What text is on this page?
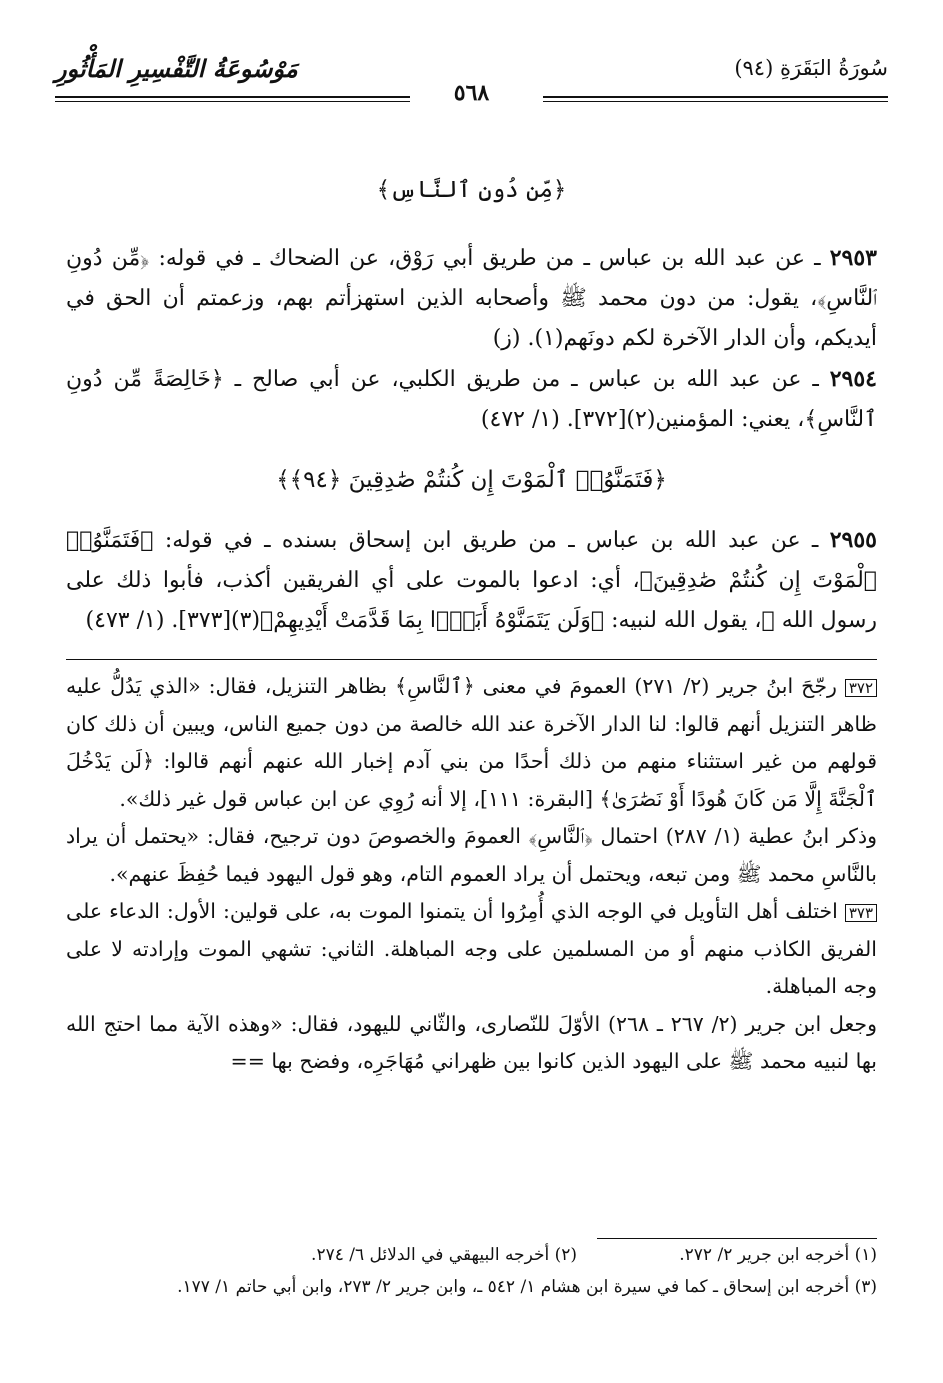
سُورَةُ البَقَرَةِ (٩٤)
مَوْسُوعَةُ التَّفْسِيرِ المَأْثُورِ
٥٦٨

﴿مِّن دُونِ ٱلنَّاسِ﴾

٢٩٥٣ ـ عن عبد الله بن عباس ـ من طريق أبي رَوْق، عن الضحاك ـ في قوله: ﴿مِّن دُونِ ٱلنَّاسِ﴾، يقول: من دون محمد ﷺ وأصحابه الذين استهزأتم بهم، وزعمتم أن الحق في أيديكم، وأن الدار الآخرة لكم دونَهم(١). (ز)

٢٩٥٤ ـ عن عبد الله بن عباس ـ من طريق الكلبي، عن أبي صالح ـ ﴿خَالِصَةً مِّن دُونِ ٱلنَّاسِ﴾، يعني: المؤمنين(٢)[٣٧٢]. (١/ ٤٧٢)

﴿فَتَمَنَّوُا۟ ٱلْمَوْتَ إِن كُنتُمْ صَٰدِقِينَ ﴿٩٤﴾﴾

٢٩٥٥ ـ عن عبد الله بن عباس ـ من طريق ابن إسحاق بسنده ـ في قوله: ﴿فَتَمَنَّوُا۟ ٱلْمَوْتَ إِن كُنتُمْ صَٰدِقِينَ﴾، أي: ادعوا بالموت على أي الفريقين أكذب، فأبوا ذلك على رسول الله ﷺ، يقول الله لنبيه: ﴿وَلَن يَتَمَنَّوْهُ أَبَدًۢا بِمَا قَدَّمَتْ أَيْدِيهِمْ﴾(٣)[٣٧٣]. (١/ ٤٧٣)

٣٧٢ رجّحَ ابنُ جرير (٢/ ٢٧١) العمومَ في معنى ﴿ٱلنَّاسِ﴾ بظاهر التنزيل، فقال: «الذي يَدُلُّ عليه ظاهر التنزيل أنهم قالوا: لنا الدار الآخرة عند الله خالصة من دون جميع الناس، ويبين أن ذلك كان قولهم من غير استثناء منهم من ذلك أحدًا من بني آدم إخبار الله عنهم أنهم قالوا: ﴿لَن يَدْخُلَ ٱلْجَنَّةَ إِلَّا مَن كَانَ هُودًا أَوْ نَصَٰرَىٰ﴾ [البقرة: ١١١]، إلا أنه رُوِي عن ابن عباس قول غير ذلك».

وذكر ابنُ عطية (١/ ٢٨٧) احتمال ﴿ٱلنَّاسِ﴾ العمومَ والخصوصَ دون ترجيح، فقال: «يحتمل أن يراد بالنَّاسِ محمد ﷺ ومن تبعه، ويحتمل أن يراد العموم التام، وهو قول اليهود فيما حُفِظَ عنهم».

٣٧٣ اختلف أهل التأويل في الوجه الذي أُمِرُوا أن يتمنوا الموت به، على قولين: الأول: الدعاء على الفريق الكاذب منهم أو من المسلمين على وجه المباهلة. الثاني: تشهي الموت وإرادته لا على وجه المباهلة.

وجعل ابن جرير (٢/ ٢٦٧ ـ ٢٦٨) الأوّلَ للنّصارى، والثّاني لليهود، فقال: «وهذه الآية مما احتج الله بها لنبيه محمد ﷺ على اليهود الذين كانوا بين ظهراني مُهَاجَرِه، وفضح بها ==

(١) أخرجه ابن جرير ٢/ ٢٧٢.
(٢) أخرجه البيهقي في الدلائل ٦/ ٢٧٤.

(٣) أخرجه ابن إسحاق ـ كما في سيرة ابن هشام ١/ ٥٤٢ ـ، وابن جرير ٢/ ٢٧٣، وابن أبي حاتم ١/ ١٧٧.
